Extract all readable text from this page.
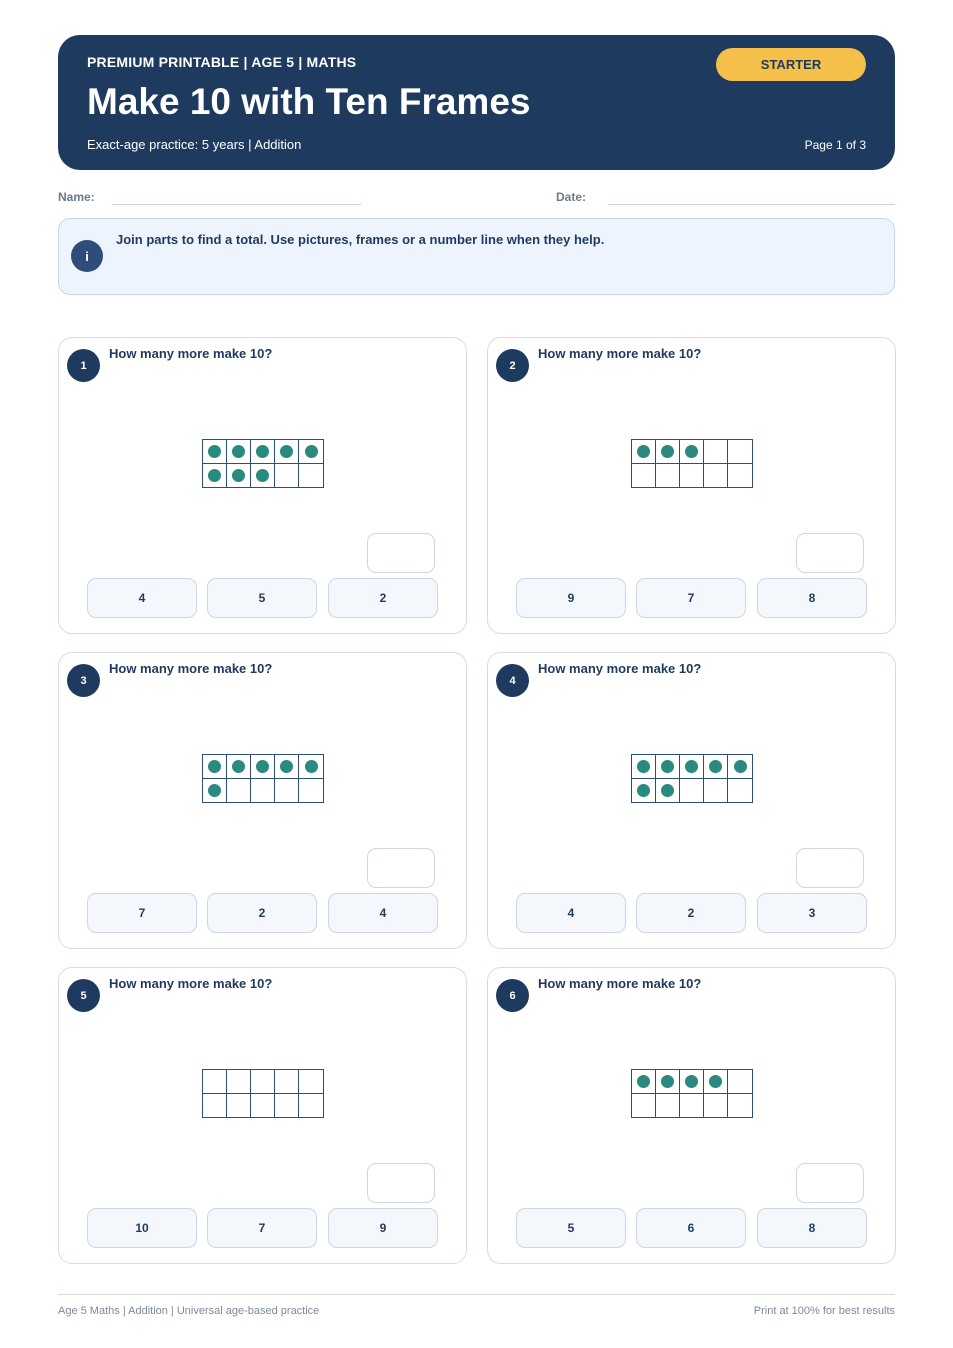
PREMIUM PRINTABLE | AGE 5 | MATHS
Make 10 with Ten Frames
Exact-age practice: 5 years | Addition	Page 1 of 3
STARTER
Name:	Date:
i
Join parts to find a total. Use pictures, frames or a number line when they help.
1
How many more make 10?
4	5	2
2
How many more make 10?
9	7	8
3
How many more make 10?
7	2	4
4
How many more make 10?
4	2	3
5
How many more make 10?
10	7	9
6
How many more make 10?
5	6	8
Age 5 Maths | Addition | Universal age-based practice	Print at 100% for best results
